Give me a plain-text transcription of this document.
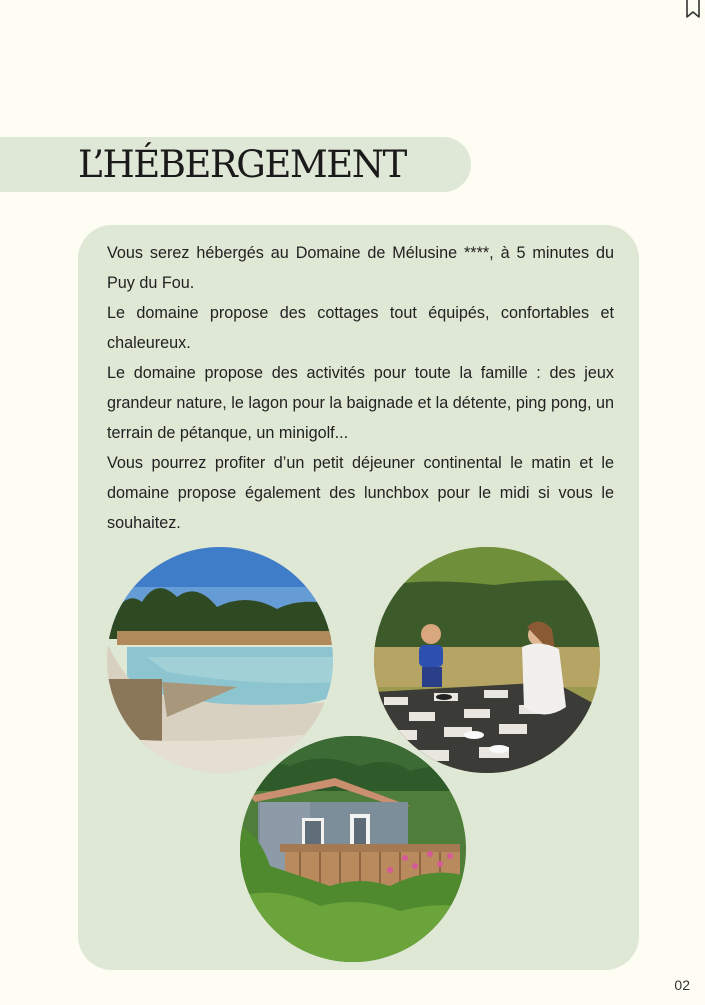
L’HÉBERGEMENT

Vous serez hébergés au Domaine de Mélusine ****, à 5 minutes du Puy du Fou.

Le domaine propose des cottages tout équipés, confortables et chaleureux.

Le domaine propose des activités pour toute la famille : des jeux grandeur nature, le lagon pour la baignade et la détente, ping pong, un terrain de pétanque, un minigolf...

Vous pourrez profiter d’un petit déjeuner continental le matin et le domaine propose également des lunchbox pour le midi si vous le souhaitez.

02
